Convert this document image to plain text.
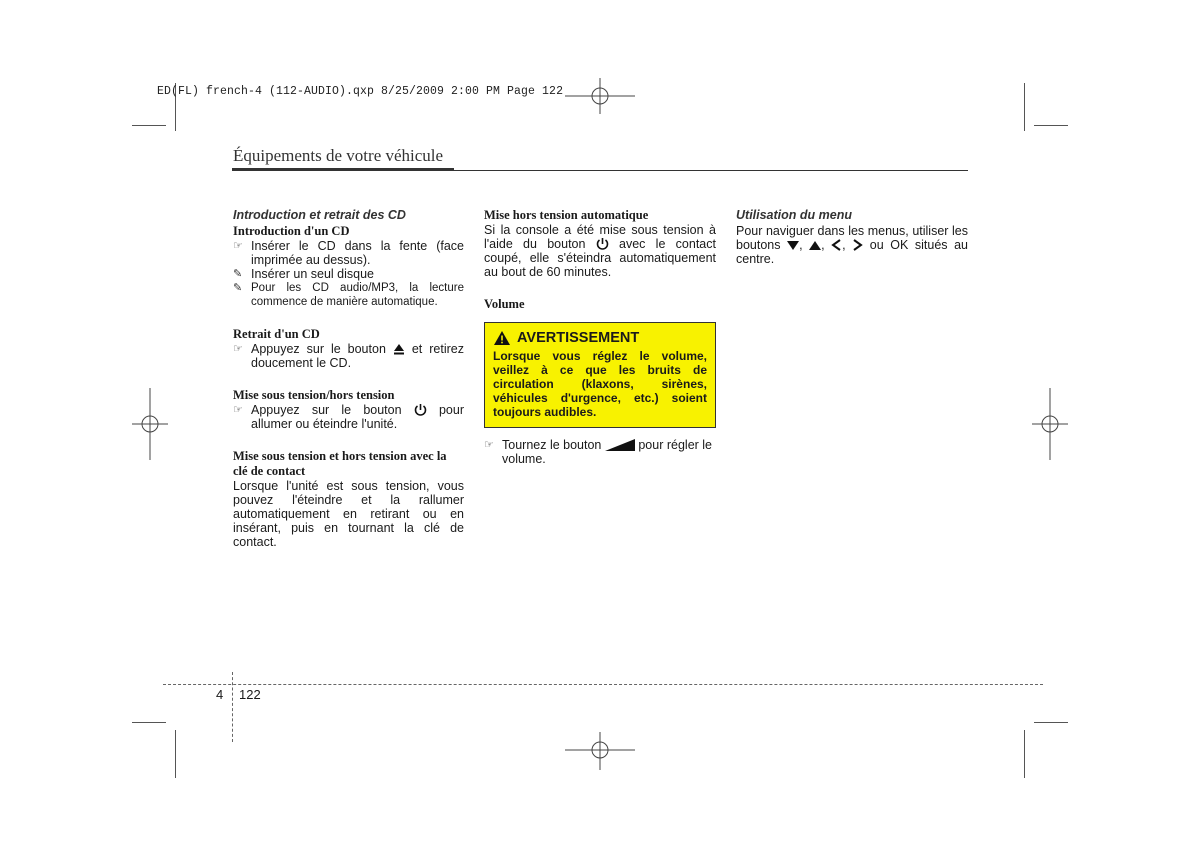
ED(FL) french-4 (112-AUDIO).qxp 8/25/2009 2:00 PM Page 122
Équipements de votre véhicule
Introduction et retrait des CD
Introduction d'un CD
☞ Insérer le CD dans la fente (face imprimée au dessus).
✎ Insérer un seul disque
✎ Pour les CD audio/MP3, la lecture commence de manière automatique.
Retrait d'un CD
☞ Appuyez sur le bouton et retirez doucement le CD.
Mise sous tension/hors tension
☞ Appuyez sur le bouton	pour allumer ou éteindre l'unité.
Mise sous tension et hors tension avec la clé de contact
Lorsque l'unité est sous tension, vous pouvez l'éteindre et la rallumer automatiquement en retirant ou en insérant, puis en tournant la clé de contact.
Mise hors tension automatique
Si la console a été mise sous tension à l'aide du bouton	avec le contact coupé, elle s'éteindra automatiquement au bout de 60 minutes.
Volume
AVERTISSEMENT
Lorsque vous réglez le volume, veillez à ce que les bruits de circulation (klaxons, sirènes, véhicules d'urgence, etc.) soient toujours audibles.
☞ Tournez le bouton	pour régler le volume.
Utilisation du menu
Pour naviguer dans les menus, utiliser les boutons , , ,  ou OK situés au centre.
4 122
